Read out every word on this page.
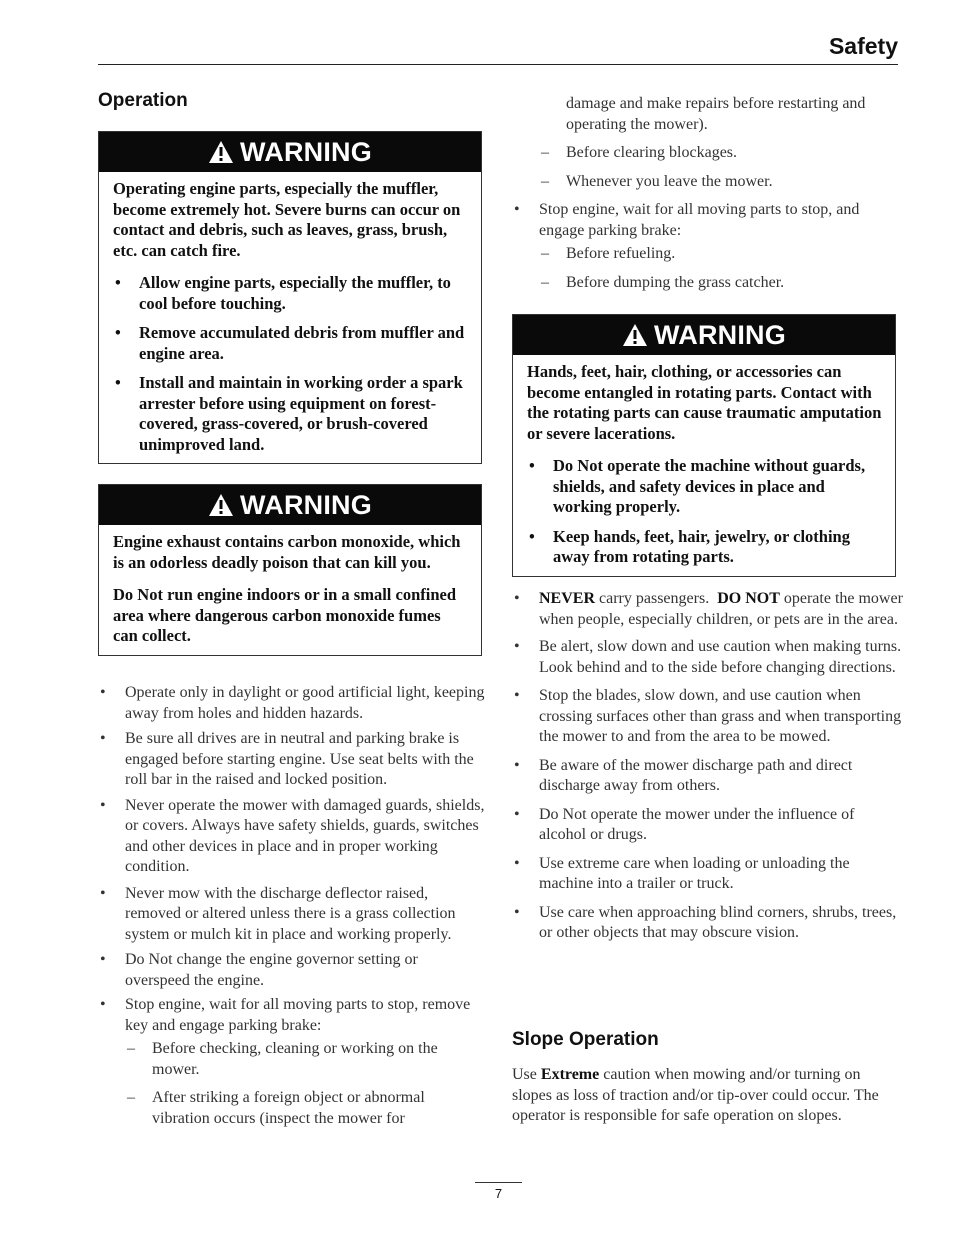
Safety
Operation
WARNING

Operating engine parts, especially the muffler, become extremely hot. Severe burns can occur on contact and debris, such as leaves, grass, brush, etc. can catch fire.

• Allow engine parts, especially the muffler, to cool before touching.
• Remove accumulated debris from muffler and engine area.
• Install and maintain in working order a spark arrester before using equipment on forest-covered, grass-covered, or brush-covered unimproved land.
WARNING

Engine exhaust contains carbon monoxide, which is an odorless deadly poison that can kill you.

Do Not run engine indoors or in a small confined area where dangerous carbon monoxide fumes can collect.

• Operate only in daylight or good artificial light, keeping away from holes and hidden hazards.
• Be sure all drives are in neutral and parking brake is engaged before starting engine. Use seat belts with the roll bar in the raised and locked position.
• Never operate the mower with damaged guards, shields, or covers. Always have safety shields, guards, switches and other devices in place and in proper working condition.
• Never mow with the discharge deflector raised, removed or altered unless there is a grass collection system or mulch kit in place and working properly.
• Do Not change the engine governor setting or overspeed the engine.
• Stop engine, wait for all moving parts to stop, remove key and engage parking brake:
– Before checking, cleaning or working on the mower.
– After striking a foreign object or abnormal vibration occurs (inspect the mower for

damage and make repairs before restarting and operating the mower).

– Before clearing blockages.
– Whenever you leave the mower.
• Stop engine, wait for all moving parts to stop, and engage parking brake:
– Before refueling.
– Before dumping the grass catcher.
WARNING

Hands, feet, hair, clothing, or accessories can become entangled in rotating parts. Contact with the rotating parts can cause traumatic amputation or severe lacerations.

• Do Not operate the machine without guards, shields, and safety devices in place and working properly.
• Keep hands, feet, hair, jewelry, or clothing away from rotating parts.
• NEVER carry passengers.  DO NOT operate the mower when people, especially children, or pets are in the area.
• Be alert, slow down and use caution when making turns. Look behind and to the side before changing directions.
• Stop the blades, slow down, and use caution when crossing surfaces other than grass and when transporting the mower to and from the area to be mowed.
• Be aware of the mower discharge path and direct discharge away from others.
• Do Not operate the mower under the influence of alcohol or drugs.
• Use extreme care when loading or unloading the machine into a trailer or truck.
• Use care when approaching blind corners, shrubs, trees, or other objects that may obscure vision.
Slope Operation

Use Extreme caution when mowing and/or turning on slopes as loss of traction and/or tip-over could occur. The operator is responsible for safe operation on slopes.

7
